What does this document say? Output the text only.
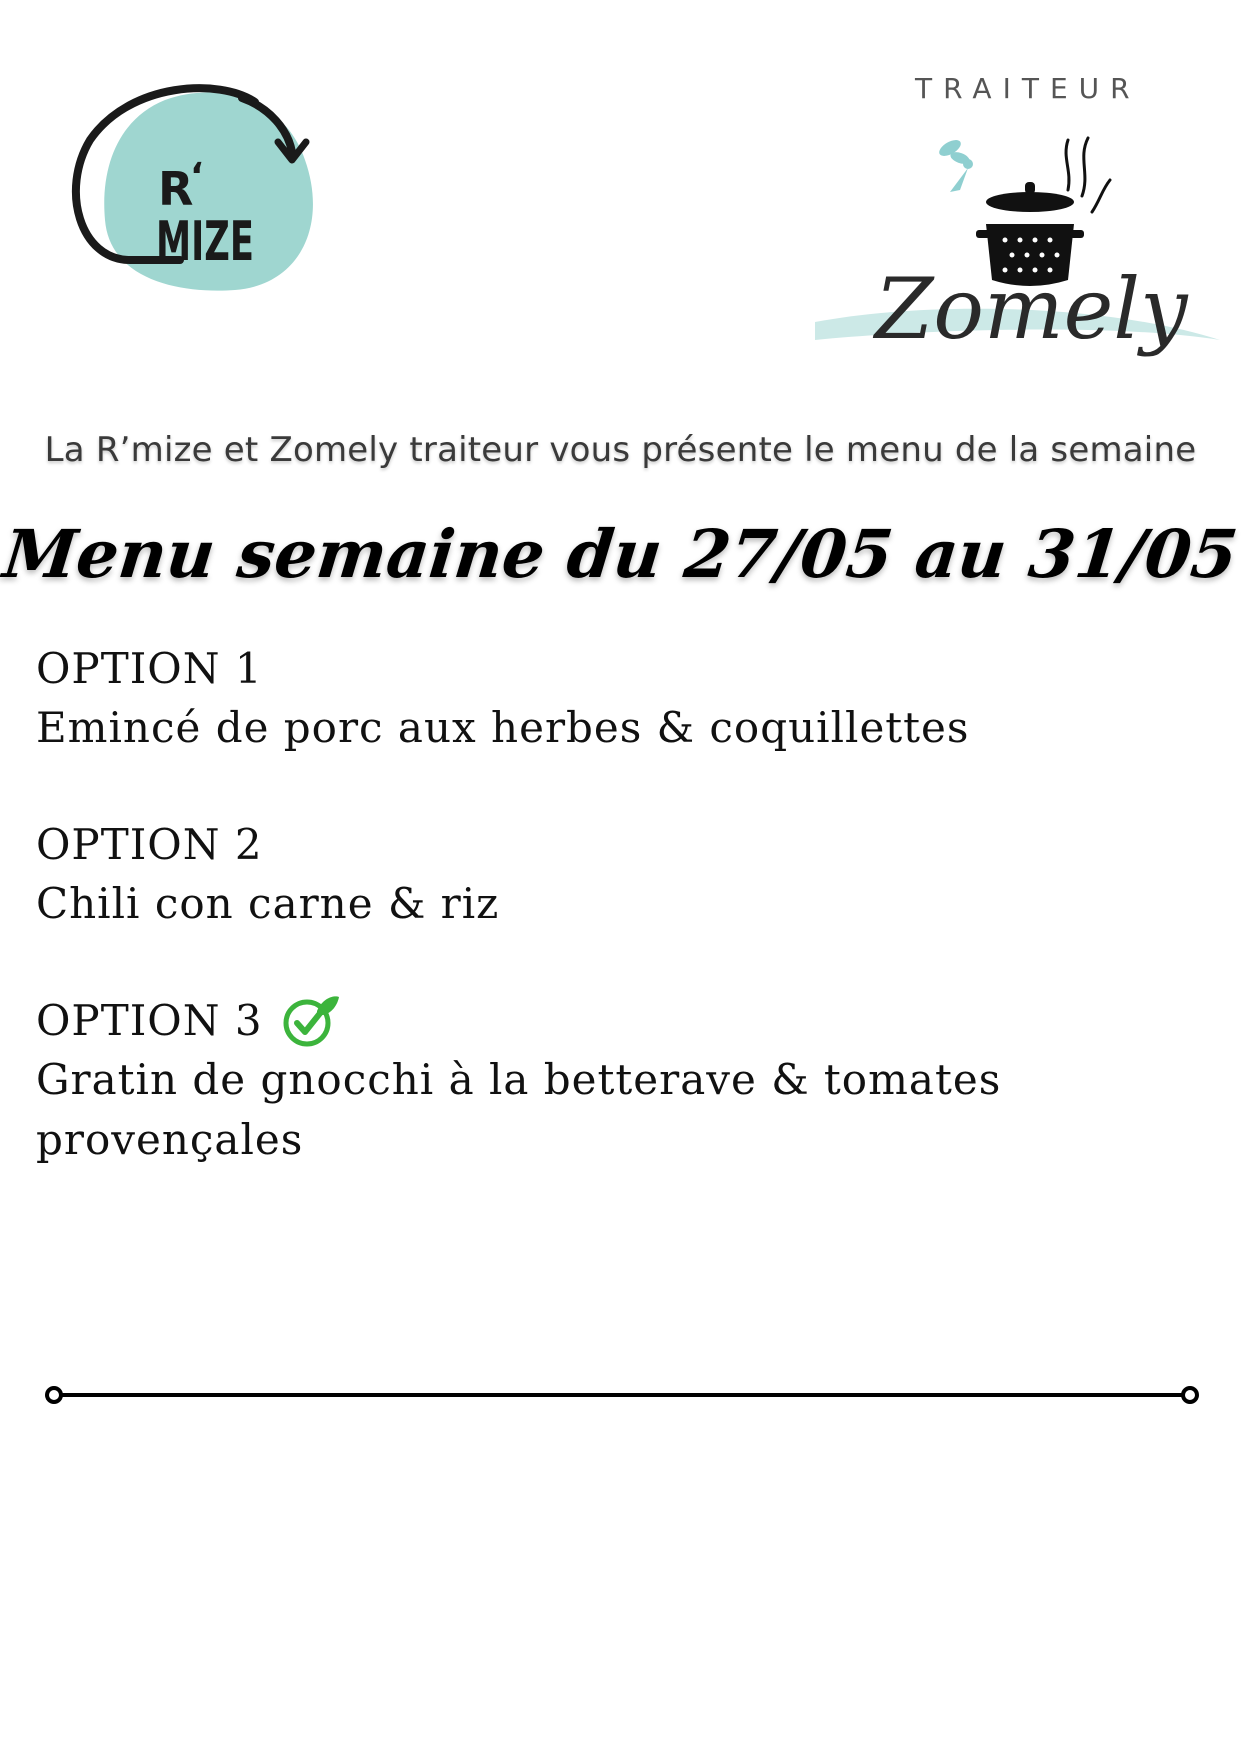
R
‘
MIZE
TRAITEUR
Zomely
La R’mize et Zomely traiteur vous présente le menu de la semaine
Menu semaine du 27/05 au 31/05
OPTION 1
Emincé de porc aux herbes & coquillettes
OPTION 2
Chili con carne & riz
OPTION 3
Gratin de gnocchi à la betterave & tomates provençales
